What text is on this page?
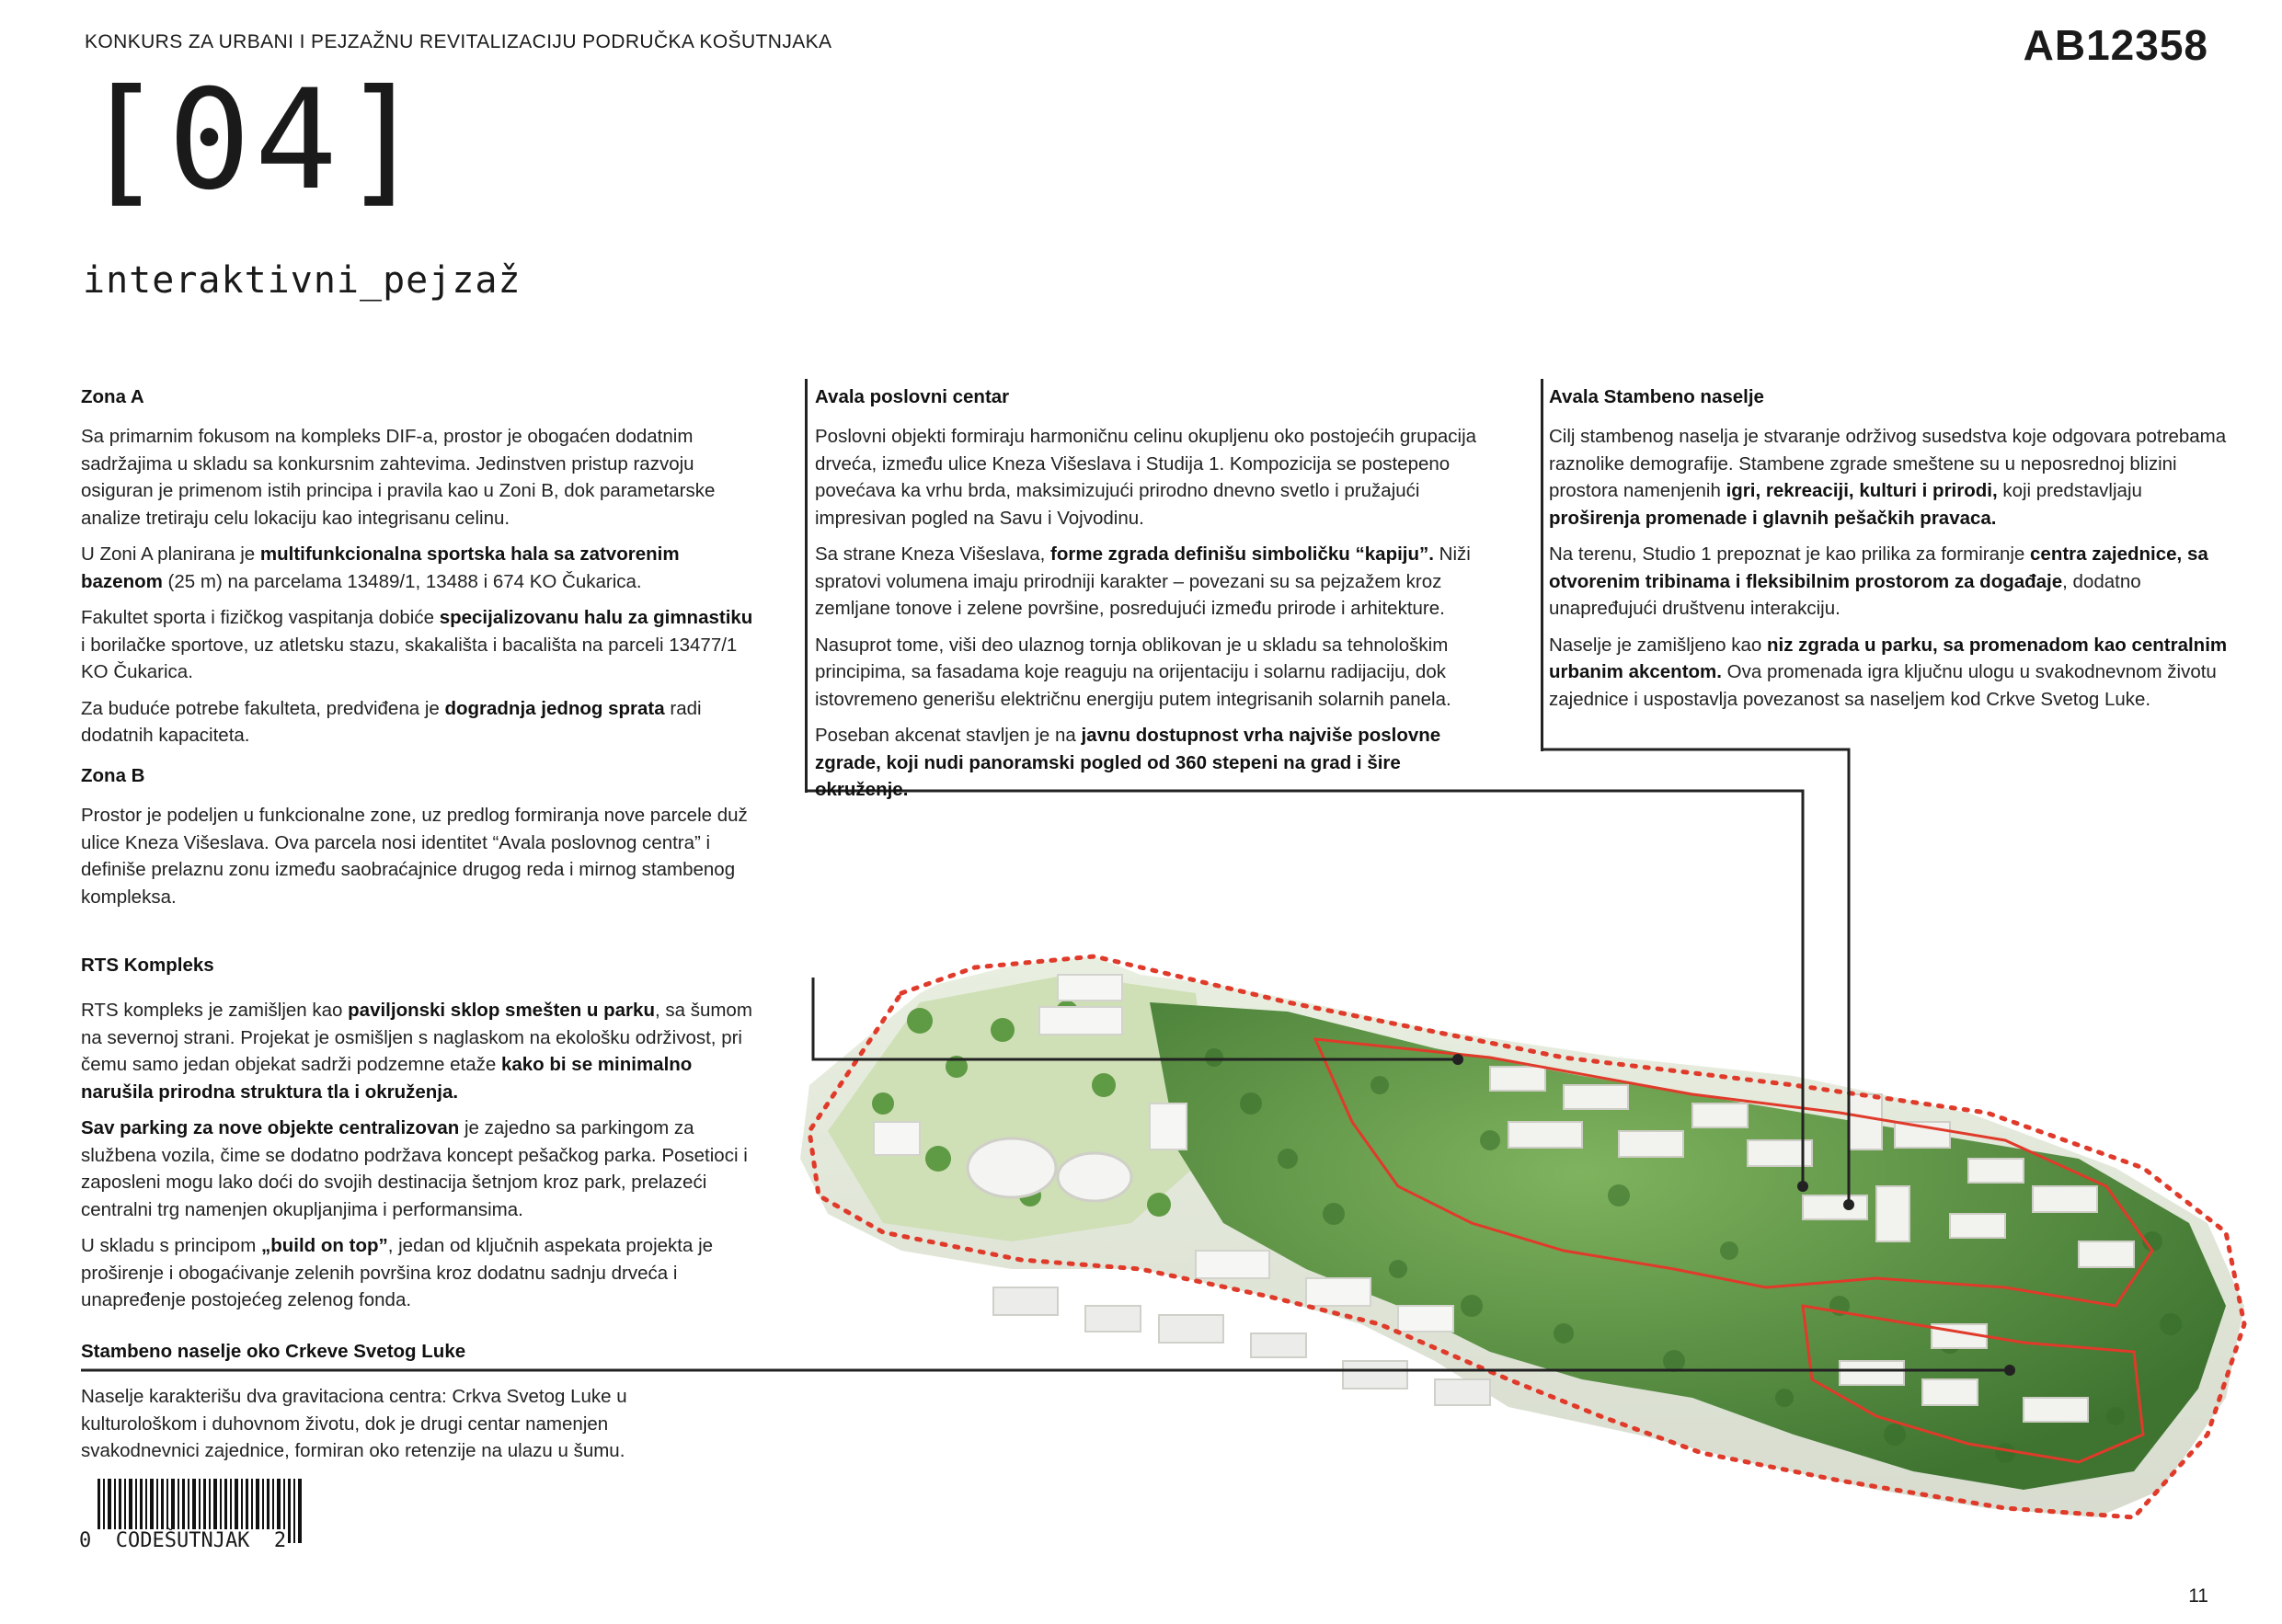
KONKURS ZA URBANI I PEJZAŽNU REVITALIZACIJU PODRUČKA KOŠUTNJAKA	AB12358
[04]
interaktivni_pejzaž
Zona A

Sa primarnim fokusom na kompleks DIF-a, prostor je obogaćen dodatnim sadržajima u skladu sa konkursnim zahtevima. Jedinstven pristup razvoju osiguran je primenom istih principa i pravila kao u Zoni B, dok parametarske analize tretiraju celu lokaciju kao integrisanu celinu.

U Zoni A planirana je multifunkcionalna sportska hala sa zatvorenim bazenom (25 m) na parcelama 13489/1, 13488 i 674 KO Čukarica.

Fakultet sporta i fizičkog vaspitanja dobiće specijalizovanu halu za gimnastiku i borilačke sportove, uz atletsku stazu, skakališta i bacališta na parceli 13477/1 KO Čukarica.

Za buduće potrebe fakulteta, predviđena je dogradnja jednog sprata radi dodatnih kapaciteta.

Zona B

Prostor je podeljen u funkcionalne zone, uz predlog formiranja nove parcele duž ulice Kneza Višeslava. Ova parcela nosi identitet “Avala poslovnog centra” i definiše prelaznu zonu između saobraćajnice drugog reda i mirnog stambenog kompleksa.

RTS Kompleks

RTS kompleks je zamišljen kao paviljonski sklop smešten u parku, sa šumom na severnoj strani. Projekat je osmišljen s naglaskom na ekološku održivost, pri čemu samo jedan objekat sadrži podzemne etaže kako bi se minimalno narušila prirodna struktura tla i okruženja.

Sav parking za nove objekte centralizovan je zajedno sa parkingom za službena vozila, čime se dodatno podržava koncept pešačkog parka. Posetioci i zaposleni mogu lako doći do svojih destinacija šetnjom kroz park, prelazeći centralni trg namenjen okupljanjima i performansima.

U skladu s principom „build on top”, jedan od ključnih aspekata projekta je proširenje i obogaćivanje zelenih površina kroz dodatnu sadnju drveća i unapređenje postojećeg zelenog fonda.

Stambeno naselje oko Crkeve Svetog Luke

Naselje karakterišu dva gravitaciona centra: Crkva Svetog Luke u kulturološkom i duhovnom životu, dok je drugi centar namenjen svakodnevnici zajednice, formiran oko retenzije na ulazu u šumu.

Avala poslovni centar

Poslovni objekti formiraju harmoničnu celinu okupljenu oko postojećih grupacija drveća, između ulice Kneza Višeslava i Studija 1. Kompozicija se postepeno povećava ka vrhu brda, maksimizujući prirodno dnevno svetlo i pružajući impresivan pogled na Savu i Vojvodinu.

Sa strane Kneza Višeslava, forme zgrada definišu simboličku “kapiju”. Niži spratovi volumena imaju prirodniji karakter – povezani su sa pejzažem kroz zemljane tonove i zelene površine, posredujući između prirode i arhitekture.

Nasuprot tome, viši deo ulaznog tornja oblikovan je u skladu sa tehnološkim principima, sa fasadama koje reaguju na orijentaciju i solarnu radijaciju, dok istovremeno generišu električnu energiju putem integrisanih solarnih panela.

Poseban akcenat stavljen je na javnu dostupnost vrha najviše poslovne zgrade, koji nudi panoramski pogled od 360 stepeni na grad i šire okruženje.

Avala Stambeno naselje

Cilj stambenog naselja je stvaranje održivog susedstva koje odgovara potrebama raznolike demografije. Stambene zgrade smeštene su u neposrednoj blizini prostora namenjenih igri, rekreaciji, kulturi i prirodi, koji predstavljaju proširenja promenade i glavnih pešačkih pravaca.

Na terenu, Studio 1 prepoznat je kao prilika za formiranje centra zajednice, sa otvorenim tribinama i fleksibilnim prostorom za događaje, dodatno unapređujući društvenu interakciju.

Naselje je zamišljeno kao niz zgrada u parku, sa promenadom kao centralnim urbanim akcentom. Ova promenada igra ključnu ulogu u svakodnevnom životu zajednice i uspostavlja povezanost sa naseljem kod Crkve Svetog Luke.

0  CODEŠUTNJAK  2
11
